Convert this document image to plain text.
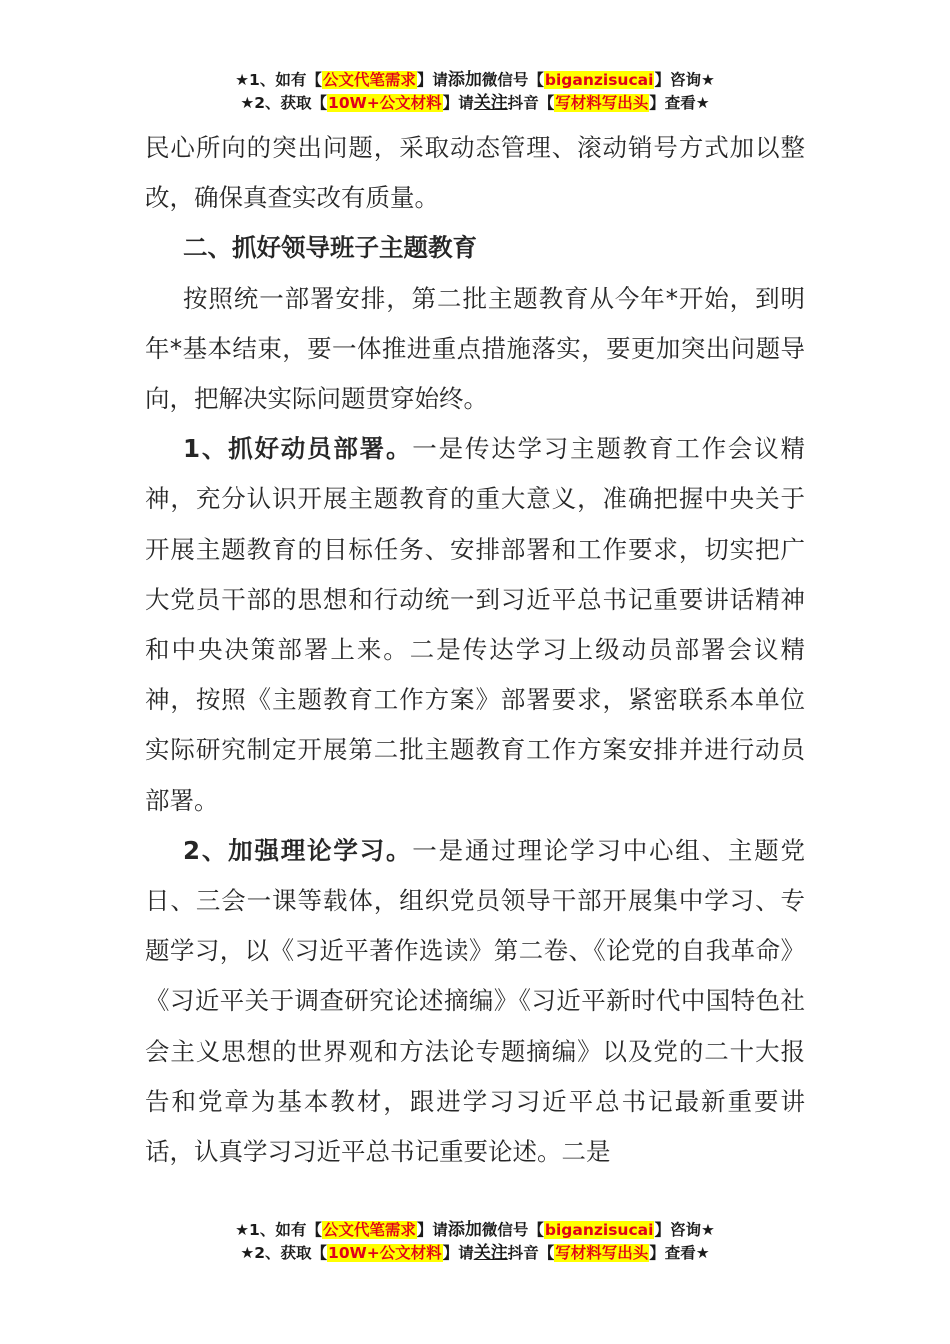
★1、如有【公文代笔需求】请添加微信号【biganzisucai】咨询★
★2、获取【10W+公文材料】请关注抖音【写材料写出头】查看★

民心所向的突出问题，采取动态管理、滚动销号方式加以整改，确保真查实改有质量。

二、抓好领导班子主题教育

按照统一部署安排，第二批主题教育从今年*开始，到明年*基本结束，要一体推进重点措施落实，要更加突出问题导向，把解决实际问题贯穿始终。

1、抓好动员部署。一是传达学习主题教育工作会议精神，充分认识开展主题教育的重大意义，准确把握中央关于开展主题教育的目标任务、安排部署和工作要求，切实把广大党员干部的思想和行动统一到习近平总书记重要讲话精神和中央决策部署上来。二是传达学习上级动员部署会议精神，按照《主题教育工作方案》部署要求，紧密联系本单位实际研究制定开展第二批主题教育工作方案安排并进行动员部署。

2、加强理论学习。一是通过理论学习中心组、主题党日、三会一课等载体，组织党员领导干部开展集中学习、专题学习，以《习近平著作选读》第二卷、《论党的自我革命》《习近平关于调查研究论述摘编》《习近平新时代中国特色社会主义思想的世界观和方法论专题摘编》以及党的二十大报告和党章为基本教材，跟进学习习近平总书记最新重要讲话，认真学习习近平总书记重要论述。二是

★1、如有【公文代笔需求】请添加微信号【biganzisucai】咨询★
★2、获取【10W+公文材料】请关注抖音【写材料写出头】查看★
